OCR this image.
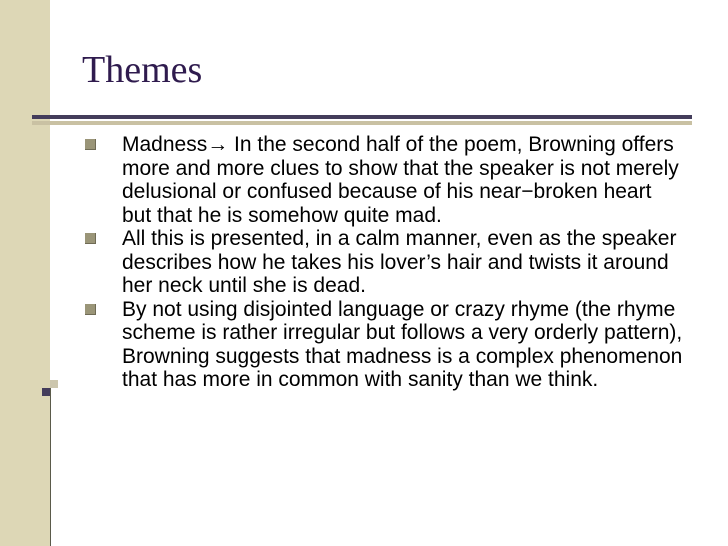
Themes
Madness→ In the second half of the poem, Browning offers more and more clues to show that the speaker is not merely delusional or confused because of his near−broken heart but that he is somehow quite mad.
All this is presented, in a calm manner, even as the speaker describes how he takes his lover’s hair and twists it around her neck until she is dead.
By not using disjointed language or crazy rhyme (the rhyme scheme is rather irregular but follows a very orderly pattern), Browning suggests that madness is a complex phenomenon that has more in common with sanity than we think.
